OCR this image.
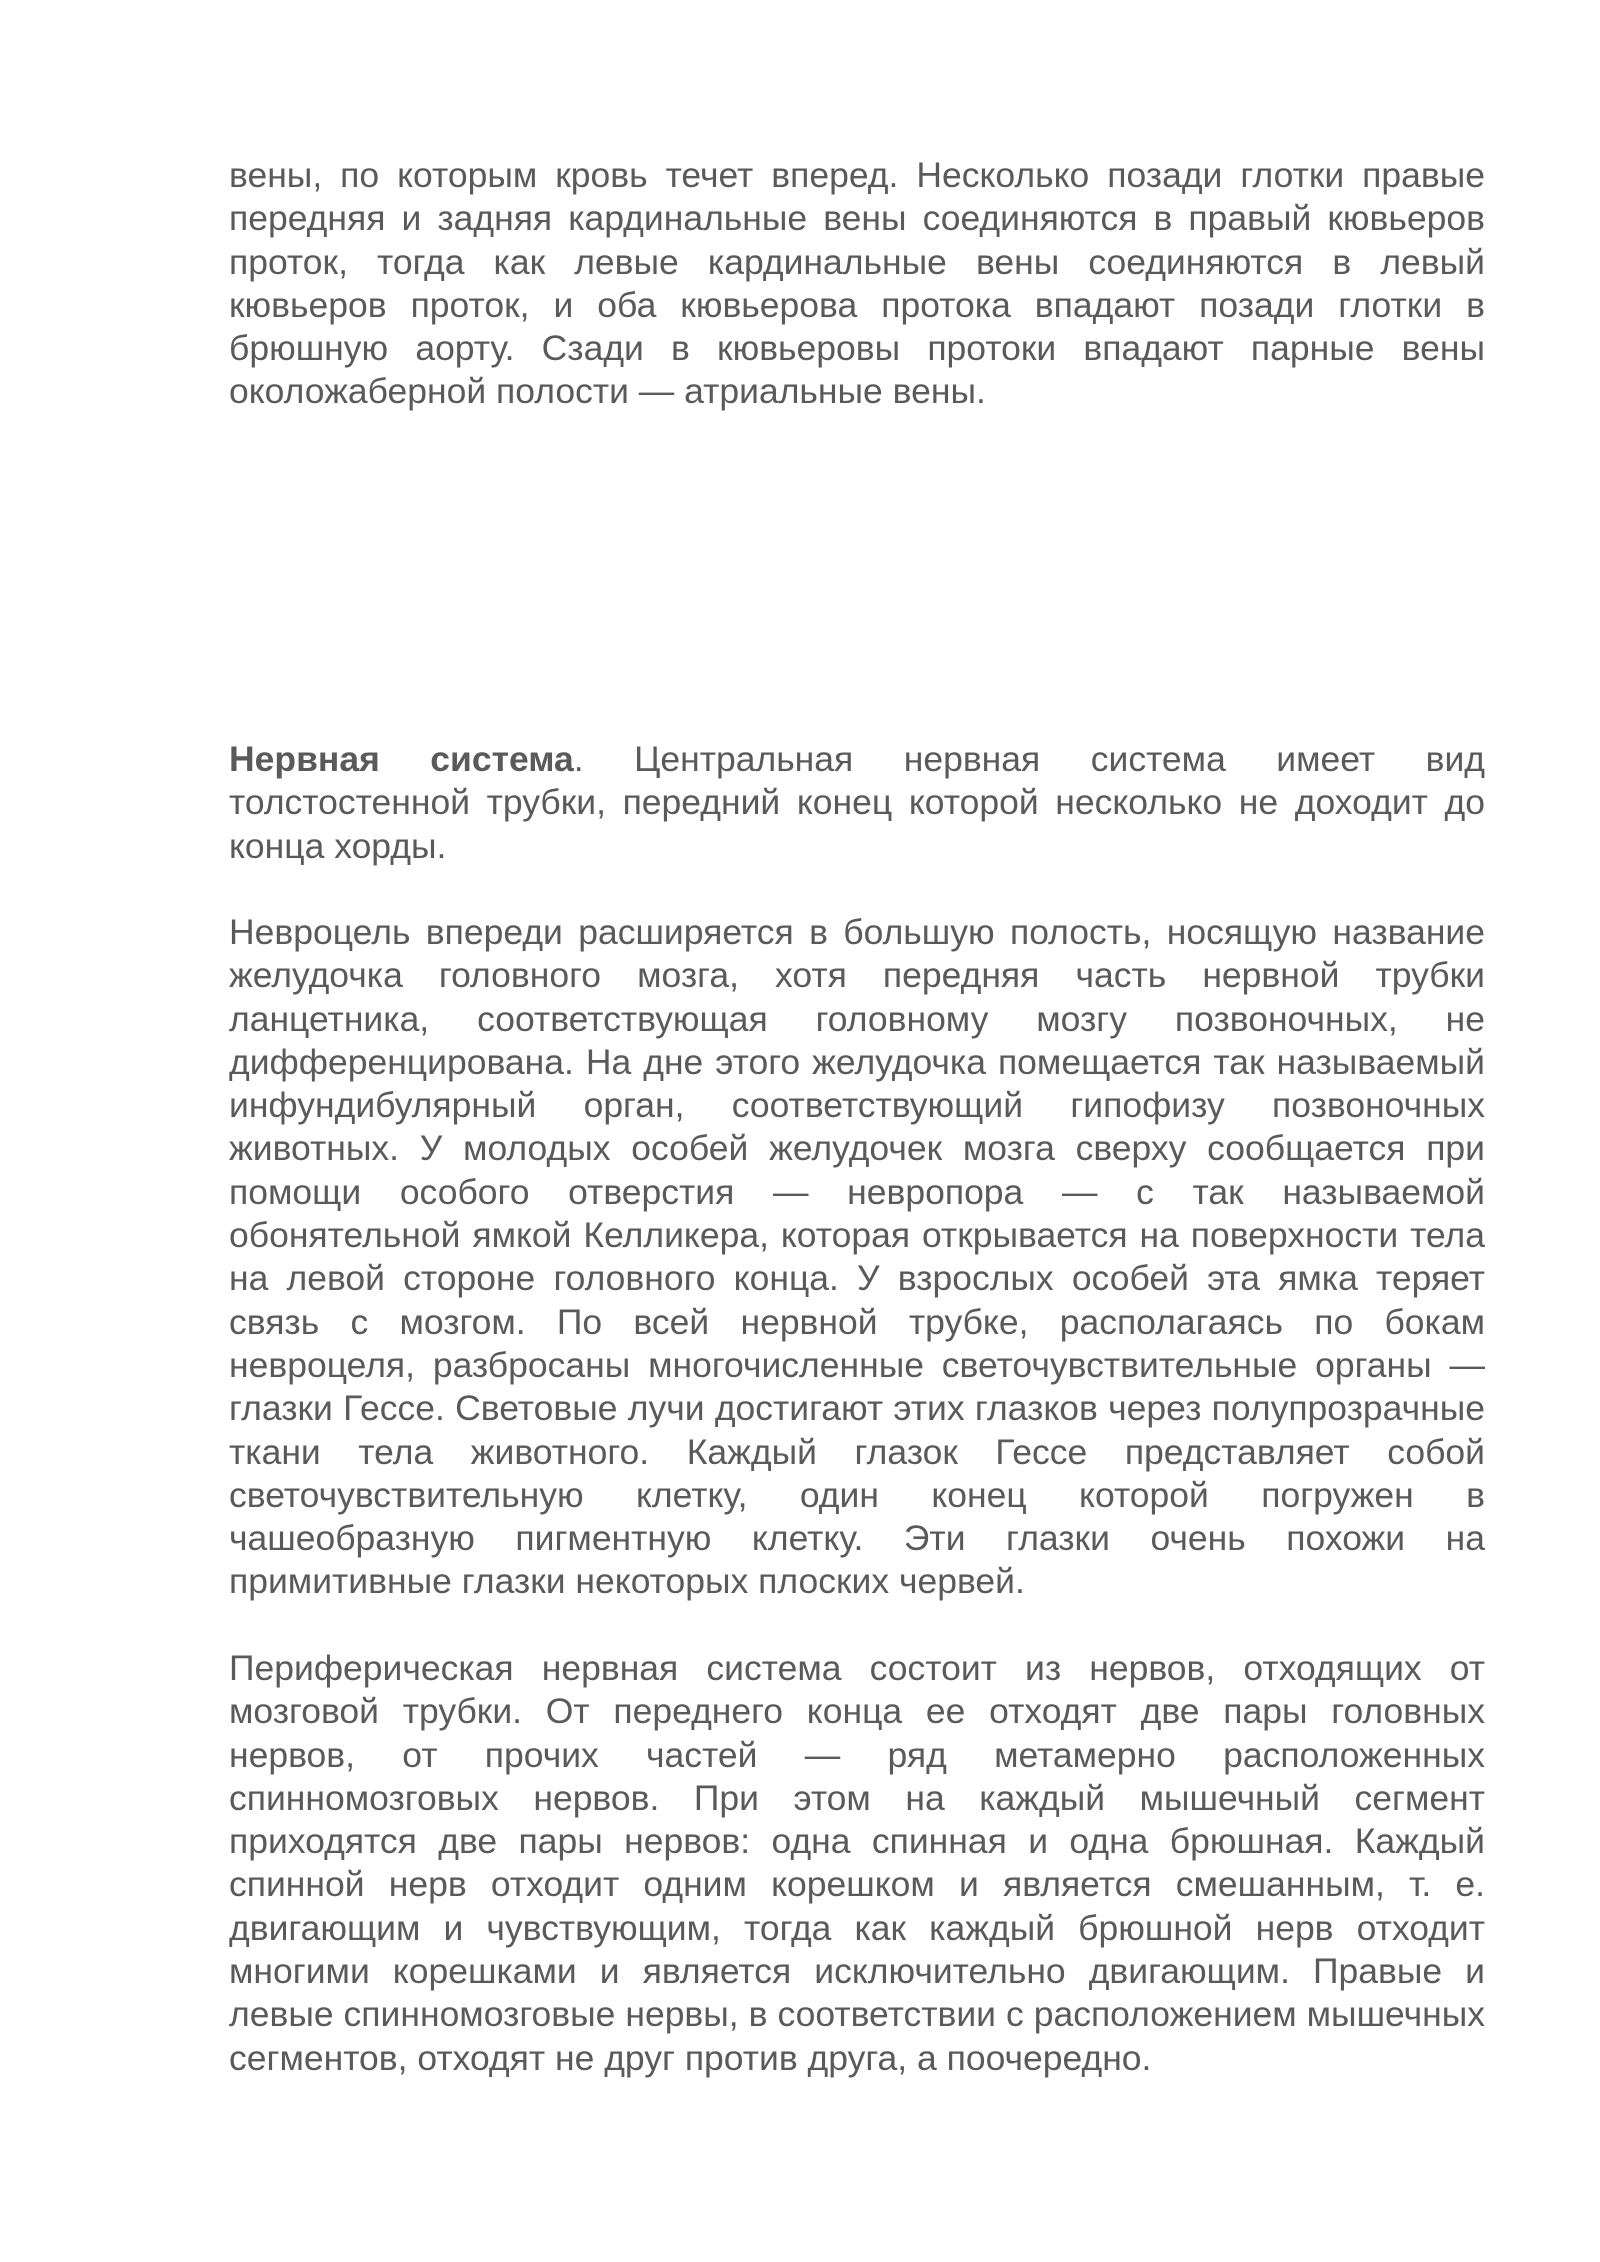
вены, по которым кровь течет вперед. Несколько позади глотки правые передняя и задняя кардинальные вены соединяются в правый кювьеров проток, тогда как левые кардинальные вены соединяются в левый кювьеров проток, и оба кювьерова протока впадают позади глотки в брюшную аорту. Сзади в кювьеровы протоки впадают парные вены околожаберной полости — атриальные вены.

Нервная система. Центральная нервная система имеет вид толстостенной трубки, передний конец которой несколько не доходит до конца хорды.

Невроцель впереди расширяется в большую полость, носящую название желудочка головного мозга, хотя передняя часть нервной трубки ланцетника, соответствующая головному мозгу позвоночных, не дифференцирована. На дне этого желудочка помещается так называемый инфундибулярный орган, соответствующий гипофизу позвоночных животных. У молодых особей желудочек мозга сверху сообщается при помощи особого отверстия — невропора — с так называемой обонятельной ямкой Келликера, которая открывается на поверхности тела на левой стороне головного конца. У взрослых особей эта ямка теряет связь с мозгом. По всей нервной трубке, располагаясь по бокам невроцеля, разбросаны многочисленные светочувствительные органы — глазки Гессе. Световые лучи достигают этих глазков через полупрозрачные ткани тела животного. Каждый глазок Гессе представляет собой светочувствительную клетку, один конец которой погружен в чашеобразную пигментную клетку. Эти глазки очень похожи на примитивные глазки некоторых плоских червей.

Периферическая нервная система состоит из нервов, отходящих от мозговой трубки. От переднего конца ее отходят две пары головных нервов, от прочих частей — ряд метамерно расположенных спинномозговых нервов. При этом на каждый мышечный сегмент приходятся две пары нервов: одна спинная и одна брюшная. Каждый спинной нерв отходит одним корешком и является смешанным, т. е. двигающим и чувствующим, тогда как каждый брюшной нерв отходит многими корешками и является исключительно двигающим. Правые и левые спинномозговые нервы, в соответствии с расположением мышечных сегментов, отходят не друг против друга, а поочередно.
